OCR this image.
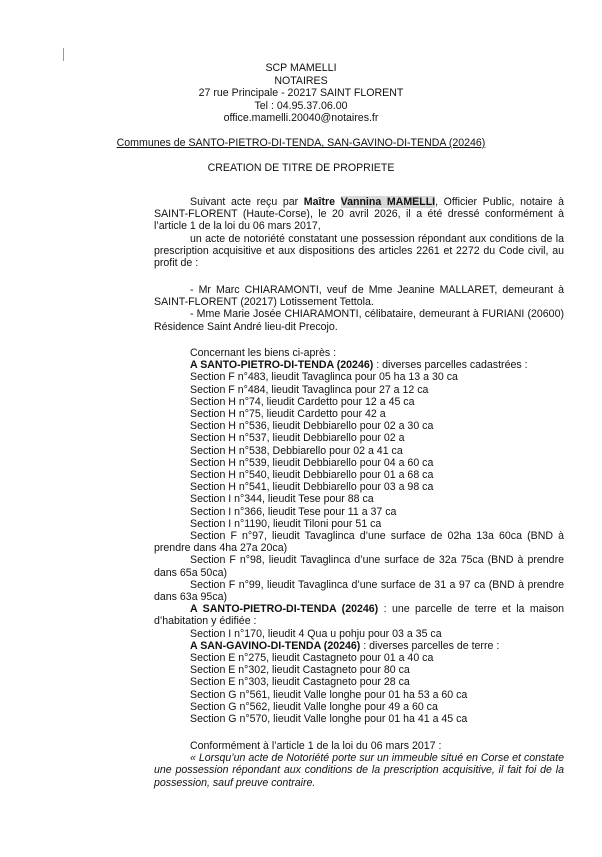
SCP MAMELLI
NOTAIRES
27 rue Principale - 20217 SAINT FLORENT
Tel : 04.95.37.06.00
office.mamelli.20040@notaires.fr
Communes de SANTO-PIETRO-DI-TENDA, SAN-GAVINO-DI-TENDA (20246)
CREATION DE TITRE DE PROPRIETE

Suivant acte reçu par Maître Vannina MAMELLI, Officier Public, notaire à SAINT-FLORENT (Haute-Corse), le 20 avril 2026, il a été dressé conformément à l’article 1 de la loi du 06 mars 2017,

un acte de notoriété constatant une possession répondant aux conditions de la prescription acquisitive et aux dispositions des articles 2261 et 2272 du Code civil, au profit de :

- Mr Marc CHIARAMONTI, veuf de Mme Jeanine MALLARET, demeurant à SAINT-FLORENT (20217) Lotissement Tettola.

- Mme Marie Josée CHIARAMONTI, célibataire, demeurant à FURIANI (20600) Résidence Saint André lieu-dit Precojo.

Concernant les biens ci-après :
A SANTO-PIETRO-DI-TENDA (20246) : diverses parcelles cadastrées :
Section F n°483, lieudit Tavaglinca pour 05 ha 13 a 30 ca
Section F n°484, lieudit Tavaglinca pour 27 a 12 ca
Section H n°74, lieudit Cardetto pour 12 a 45 ca
Section H n°75, lieudit Cardetto pour 42 a
Section H n°536, lieudit Debbiarello pour 02 a 30 ca
Section H n°537, lieudit Debbiarello pour 02 a
Section H n°538, Debbiarello pour 02 a 41 ca
Section H n°539, lieudit Debbiarello pour 04 a 60 ca
Section H n°540, lieudit Debbiarello pour 01 a 68 ca
Section H n°541, lieudit Debbiarello pour 03 a 98 ca
Section I n°344, lieudit Tese pour 88 ca
Section I n°366, lieudit Tese pour 11 a 37 ca
Section I n°1190, lieudit Tiloni pour 51 ca

Section F n°97, lieudit Tavaglinca d’une surface de 02ha 13a 60ca (BND à prendre dans 4ha 27a 20ca)

Section F n°98, lieudit Tavaglinca d’une surface de 32a 75ca (BND à prendre dans 65a 50ca)

Section F n°99, lieudit Tavaglinca d’une surface de 31 a 97 ca (BND à prendre dans 63a 95ca)

A SANTO-PIETRO-DI-TENDA (20246) : une parcelle de terre et la maison d’habitation y édifiée :

Section I n°170, lieudit 4 Qua u pohju pour 03 a 35 ca
A SAN-GAVINO-DI-TENDA (20246) : diverses parcelles de terre :
Section E n°275, lieudit Castagneto pour 01 a 40 ca
Section E n°302, lieudit Castagneto pour 80 ca
Section E n°303, lieudit Castagneto pour 28 ca
Section G n°561, lieudit Valle longhe pour 01 ha 53 a 60 ca
Section G n°562, lieudit Valle longhe pour 49 a 60 ca
Section G n°570, lieudit Valle longhe pour 01 ha 41 a 45 ca
Conformément à l’article 1 de la loi du 06 mars 2017 :

« Lorsqu’un acte de Notoriété porte sur un immeuble situé en Corse et constate une possession répondant aux conditions de la prescription acquisitive, il fait foi de la possession, sauf preuve contraire.
